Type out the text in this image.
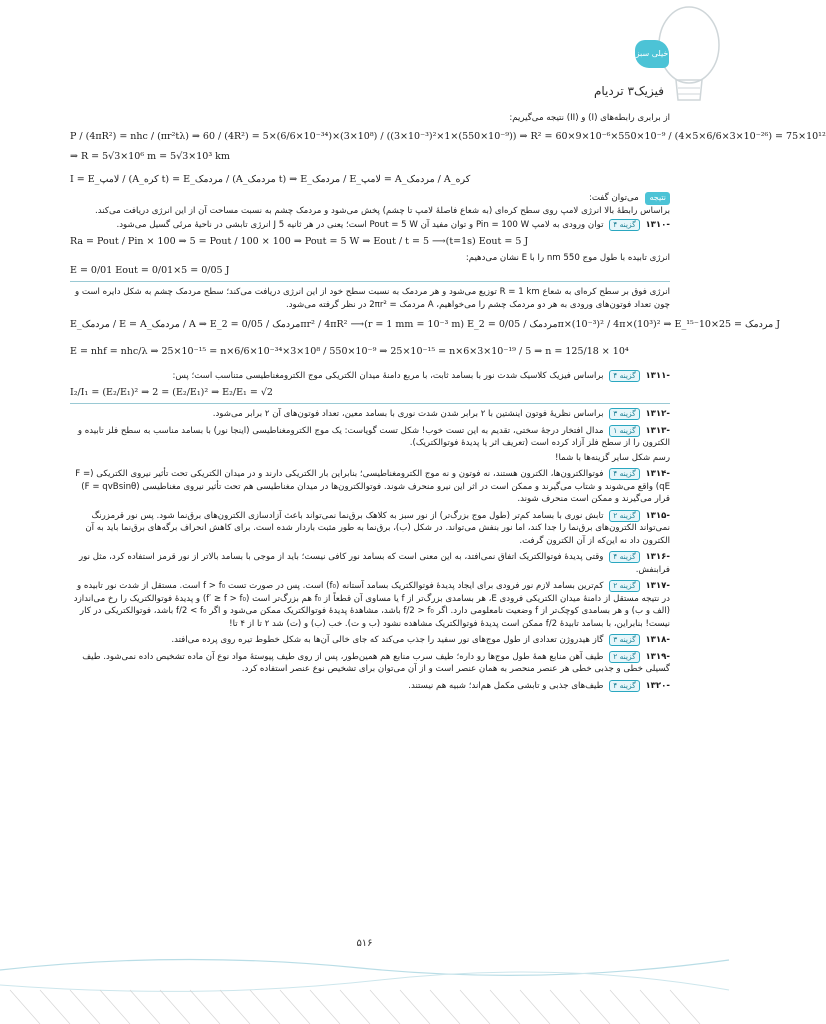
خیلی سبز
فیزیک۳ تردیام
از برابری رابطه‌های (I) و (II) نتیجه می‌گیریم:
P / (4πR²) = nhc / (πr²tλ) ⇒ 60 / (4R²) = 5×(6/6×10⁻³⁴)×(3×10⁸) / ((3×10⁻³)²×1×(550×10⁻⁹)) ⇒ R² = 60×9×10⁻⁶×550×10⁻⁹ / (4×5×6/6×3×10⁻²⁶) = 75×10¹²
⇒ R = 5√3×10⁶ m = 5√3×10³ km
I = E_لامپ / (A_کره t) = E_مردمک / (A_مردمک t) ⇒ E_مردمک / E_لامپ = A_مردمک / A_کره
نتیجه می‌توان گفت:
براساس رابطهٔ بالا انرژی لامپ روی سطح کره‌ای (به شعاع فاصلهٔ لامپ تا چشم) پخش می‌شود و مردمک چشم به نسبت مساحت آن از این انرژی دریافت می‌کند.
-۱۳۱۰ گزینه ۴ توان ورودی به لامپ Pin = 100 W و توان مفید آن Pout = 5 W است؛ یعنی در هر ثانیه 5 J انرژی تابشی در ناحیهٔ مرئی گسیل می‌شود.
Ra = Pout / Pin × 100 ⇒ 5 = Pout / 100 × 100 ⇒ Pout = 5 W ⇒ Eout / t = 5 ⟶(t=1s) Eout = 5 J
انرژی تابیده با طول موج 550 nm را با E نشان می‌دهیم:
E = 0/01 Eout = 0/01×5 = 0/05 J
انرژی فوق بر سطح کره‌ای به شعاع R = 1 km توزیع می‌شود و هر مردمک به نسبت سطح خود از این انرژی دریافت می‌کند؛ سطح مردمک چشم به شکل دایره است و چون تعداد فوتون‌های ورودی به هر دو مردمک چشم را می‌خواهیم، A مردمک = 2πr² در نظر گرفته می‌شود.
E_مردمک / E = A_مردمک / A ⇒ E_مردمک / 0/05 = 2πr² / 4πR² ⟶(r = 1 mm = 10⁻³ m) E_مردمک / 0/05 = 2π×(10⁻³)² / 4π×(10³)² ⇒ E_مردمک = 25×10⁻¹⁵ J
E = nhf = nhc/λ ⇒ 25×10⁻¹⁵ = n×6/6×10⁻³⁴×3×10⁸ / 550×10⁻⁹ ⇒ 25×10⁻¹⁵ = n×6×3×10⁻¹⁹ / 5 ⇒ n = 125/18 × 10⁴
-۱۳۱۱ گزینه ۴ براساس فیزیک کلاسیک شدت نور با بسامد ثابت، با مربع دامنهٔ میدان الکتریکی موج الکترومغناطیسی متناسب است؛ پس:
I₂/I₁ = (E₂/E₁)² ⇒ 2 = (E₂/E₁)² ⇒ E₂/E₁ = √2
-۱۳۱۲ گزینه ۳ براساس نظریهٔ فوتون اینشتین با ۲ برابر شدن شدت نوری با بسامد معین، تعداد فوتون‌های آن ۲ برابر می‌شود.
-۱۳۱۳ گزینه ۱ مدال افتخار درجهٔ سختی، تقدیم به این تست خوب! شکل تست گویاست: یک موج الکترومغناطیسی (اینجا نور) با بسامد مناسب به سطح فلز تابیده و الکترون را از سطح فلز آزاد کرده است (تعریف اثر یا پدیدهٔ فوتوالکتریک).
رسم شکل سایر گزینه‌ها با شما!
-۱۳۱۴ گزینه ۴ فوتوالکترون‌ها، الکترون هستند، نه فوتون و نه موج الکترومغناطیسی؛ بنابراین بار الکتریکی دارند و در میدان الکتریکی تحت تأثیر نیروی الکتریکی (F = qE) واقع می‌شوند و شتاب می‌گیرند و ممکن است در اثر این نیرو منحرف شوند. فوتوالکترون‌ها در میدان مغناطیسی هم تحت تأثیر نیروی مغناطیسی (F = qvBsinθ) قرار می‌گیرند و ممکن است منحرف شوند.
-۱۳۱۵ گزینه ۲ تابش نوری با بسامد کم‌تر (طول موج بزرگ‌تر) از نور سبز به کلاهک برق‌نما نمی‌تواند باعث آزادسازی الکترون‌های برق‌نما شود. پس نور قرمزرنگ نمی‌تواند الکترون‌های برق‌نما را جدا کند، اما نور بنفش می‌تواند. در شکل (ب)، برق‌نما به طور مثبت باردار شده است. برای کاهش انحراف برگه‌های برق‌نما باید به آن الکترون داد نه این‌که از آن الکترون گرفت.
-۱۳۱۶ گزینه ۴ وقتی پدیدهٔ فوتوالکتریک اتفاق نمی‌افتد، به این معنی است که بسامد نور کافی نیست؛ باید از موجی با بسامد بالاتر از نور قرمز استفاده کرد، مثل نور فرابنفش.
-۱۳۱۷ گزینه ۲ کم‌ترین بسامد لازم نور فرودی برای ایجاد پدیدهٔ فوتوالکتریک بسامد آستانه (f₀) است. پس در صورت تست f > f₀ است. مستقل از شدت نور تابیده و در نتیجه مستقل از دامنهٔ میدان الکتریکی فرودی E، هر بسامدی بزرگ‌تر از f یا مساوی آن قطعاً از f₀ هم بزرگ‌تر است (f′ ≥ f > f₀) و پدیدهٔ فوتوالکتریک را رخ می‌اندازد (الف و ب) و هر بسامدی کوچک‌تر از f وضعیت نامعلومی دارد. اگر f/2 > f₀ باشد، مشاهدهٔ پدیدهٔ فوتوالکتریک ممکن می‌شود و اگر f/2 < f₀ باشد، فوتوالکتریکی در کار نیست! بنابراین، با بسامد تابیدهٔ f/2 ممکن است پدیدهٔ فوتوالکتریک مشاهده نشود (ب و ت). خب (ب) و (ت) شد ۲ تا از ۴ تا!
-۱۳۱۸ گزینه ۳ گاز هیدروژن تعدادی از طول موج‌های نور سفید را جذب می‌کند که جای خالی آن‌ها به شکل خطوط تیره روی پرده می‌افتد.
-۱۳۱۹ گزینه ۲ طیف آهن منابع همهٔ طول موج‌ها رو داره؛ طیف سرب منابع هم همین‌طور، پس از روی طیف پیوستهٔ مواد نوع آن ماده تشخیص داده نمی‌شود. طیف گسیلی خطی و جذبی خطی هر عنصر منحصر به همان عنصر است و از آن می‌توان برای تشخیص نوع عنصر استفاده کرد.
-۱۳۲۰ گزینه ۴ طیف‌های جذبی و تابشی مکمل هم‌اند؛ شبیه هم نیستند.
۵۱۶
